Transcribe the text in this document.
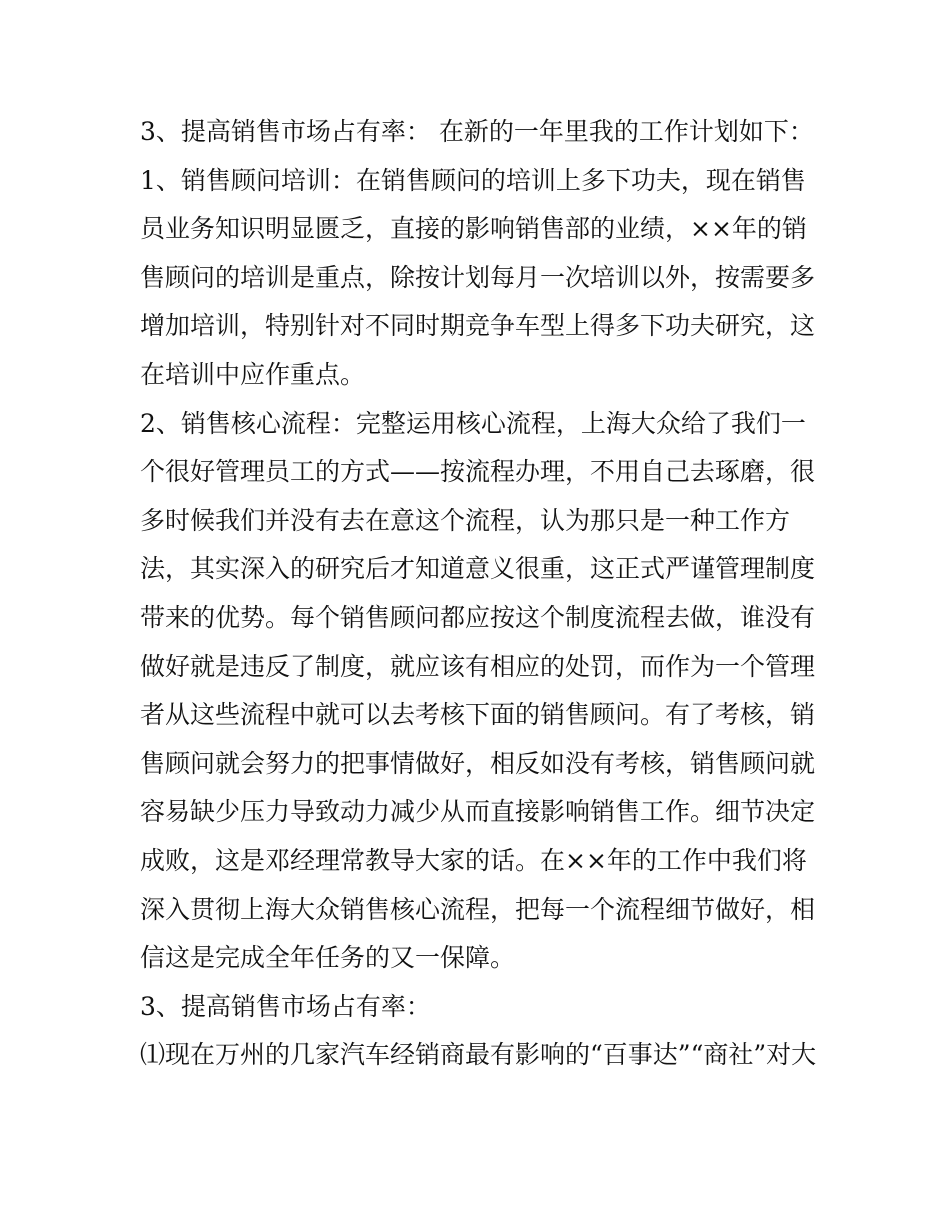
3、提高销售市场占有率： 在新的一年里我的工作计划如下：
1、销售顾问培训：在销售顾问的培训上多下功夫，现在销售
员业务知识明显匮乏，直接的影响销售部的业绩，××年的销
售顾问的培训是重点，除按计划每月一次培训以外，按需要多
增加培训，特别针对不同时期竞争车型上得多下功夫研究，这
在培训中应作重点。
2、销售核心流程：完整运用核心流程，上海大众给了我们一
个很好管理员工的方式——按流程办理，不用自己去琢磨，很
多时候我们并没有去在意这个流程，认为那只是一种工作方
法，其实深入的研究后才知道意义很重，这正式严谨管理制度
带来的优势。每个销售顾问都应按这个制度流程去做，谁没有
做好就是违反了制度，就应该有相应的处罚，而作为一个管理
者从这些流程中就可以去考核下面的销售顾问。有了考核，销
售顾问就会努力的把事情做好，相反如没有考核，销售顾问就
容易缺少压力导致动力减少从而直接影响销售工作。细节决定
成败，这是邓经理常教导大家的话。在××年的工作中我们将
深入贯彻上海大众销售核心流程，把每一个流程细节做好，相
信这是完成全年任务的又一保障。
3、提高销售市场占有率：
⑴现在万州的几家汽车经销商最有影响的“百事达”“商社”对大
